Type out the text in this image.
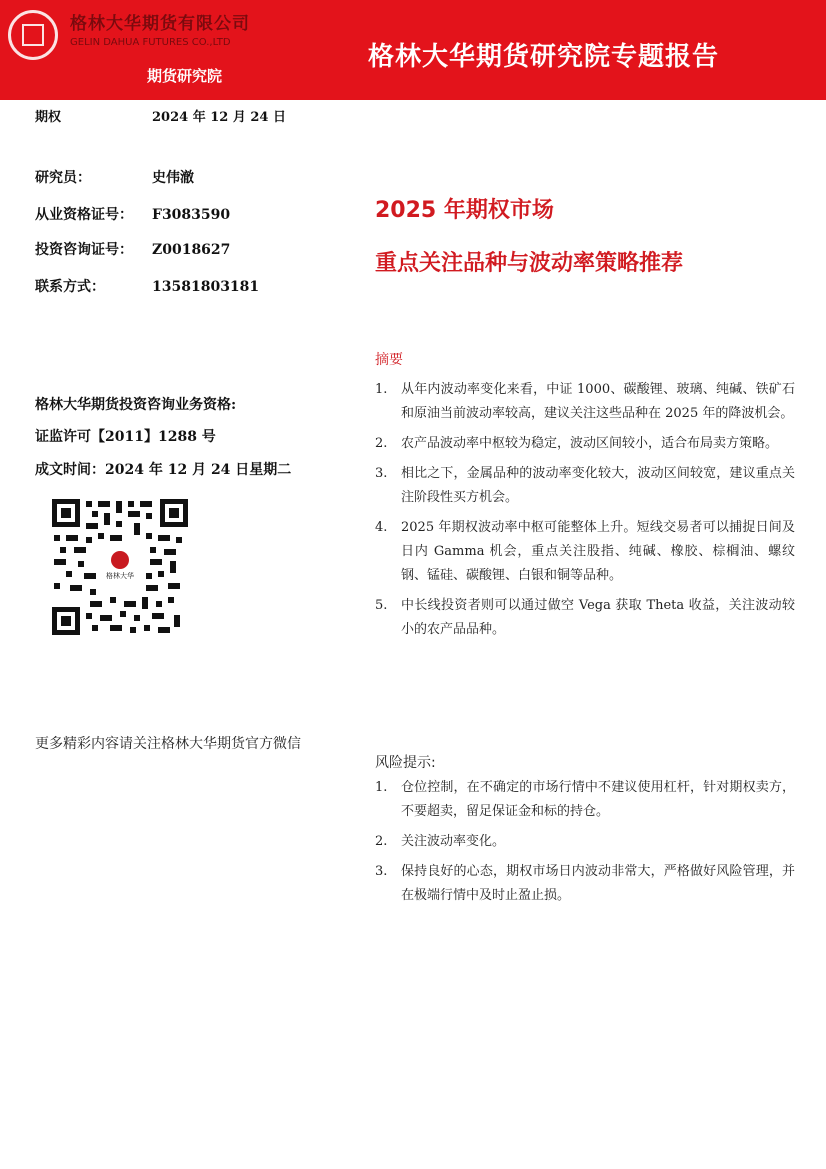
格林大华期货有限公司
GELIN DAHUA FUTURES CO.,LTD
期货研究院
格林大华期货研究院专题报告
期权	2024 年 12 月 24 日
研究员：	史伟澈
从业资格证号： F3083590
投资咨询证号： Z0018627
联系方式：	13581803181
格林大华期货投资咨询业务资格:
证监许可【2011】1288 号
成文时间：2024 年 12 月 24 日星期二
格林大华
更多精彩内容请关注格林大华期货官方微信
2025 年期权市场
重点关注品种与波动率策略推荐
摘要
1. 从年内波动率变化来看，中证 1000、碳酸锂、玻璃、纯碱、铁矿石和原油当前波动率较高，建议关注这些品种在 2025 年的降波机会。
2. 农产品波动率中枢较为稳定，波动区间较小，适合布局卖方策略。
3. 相比之下，金属品种的波动率变化较大，波动区间较宽，建议重点关注阶段性买方机会。
4. 2025 年期权波动率中枢可能整体上升。短线交易者可以捕捉日间及日内 Gamma 机会，重点关注股指、纯碱、橡胶、棕榈油、螺纹钢、锰硅、碳酸锂、白银和铜等品种。
5. 中长线投资者则可以通过做空 Vega 获取 Theta 收益，关注波动较小的农产品品种。
风险提示:
1. 仓位控制，在不确定的市场行情中不建议使用杠杆，针对期权卖方，不要超卖，留足保证金和标的持仓。
2. 关注波动率变化。
3. 保持良好的心态，期权市场日内波动非常大，严格做好风险管理，并在极端行情中及时止盈止损。
